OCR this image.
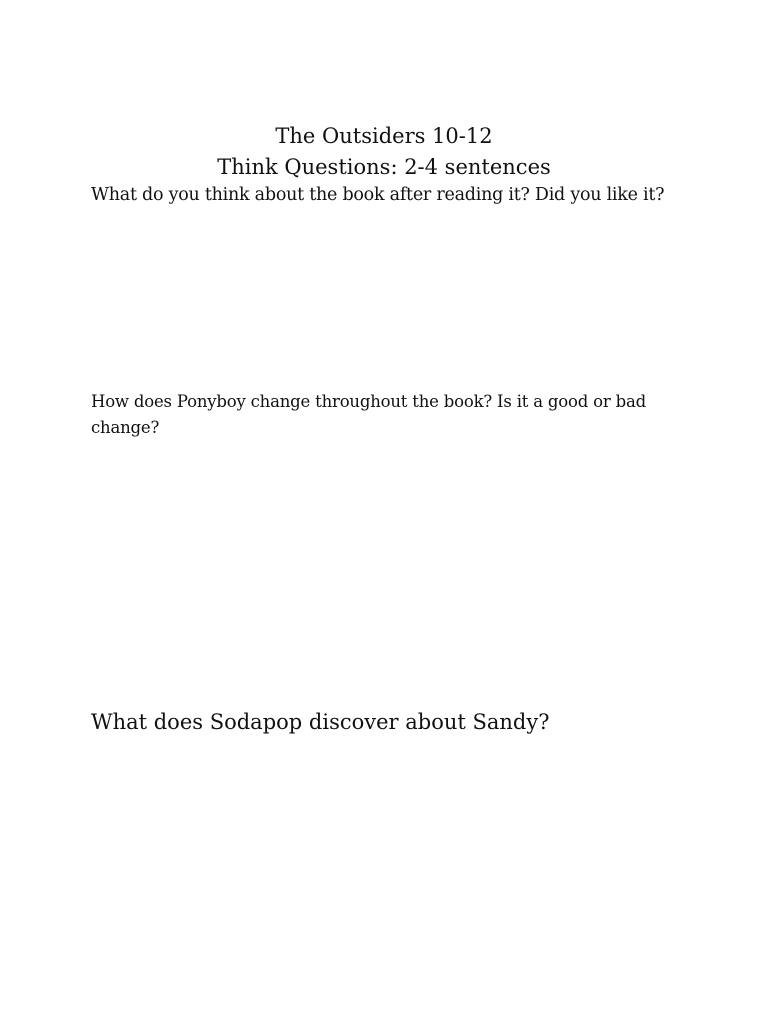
The Outsiders 10-12
Think Questions: 2-4 sentences
What do you think about the book after reading it? Did you like it?
How does Ponyboy change throughout the book? Is it a good or bad change?
What does Sodapop discover about Sandy?
